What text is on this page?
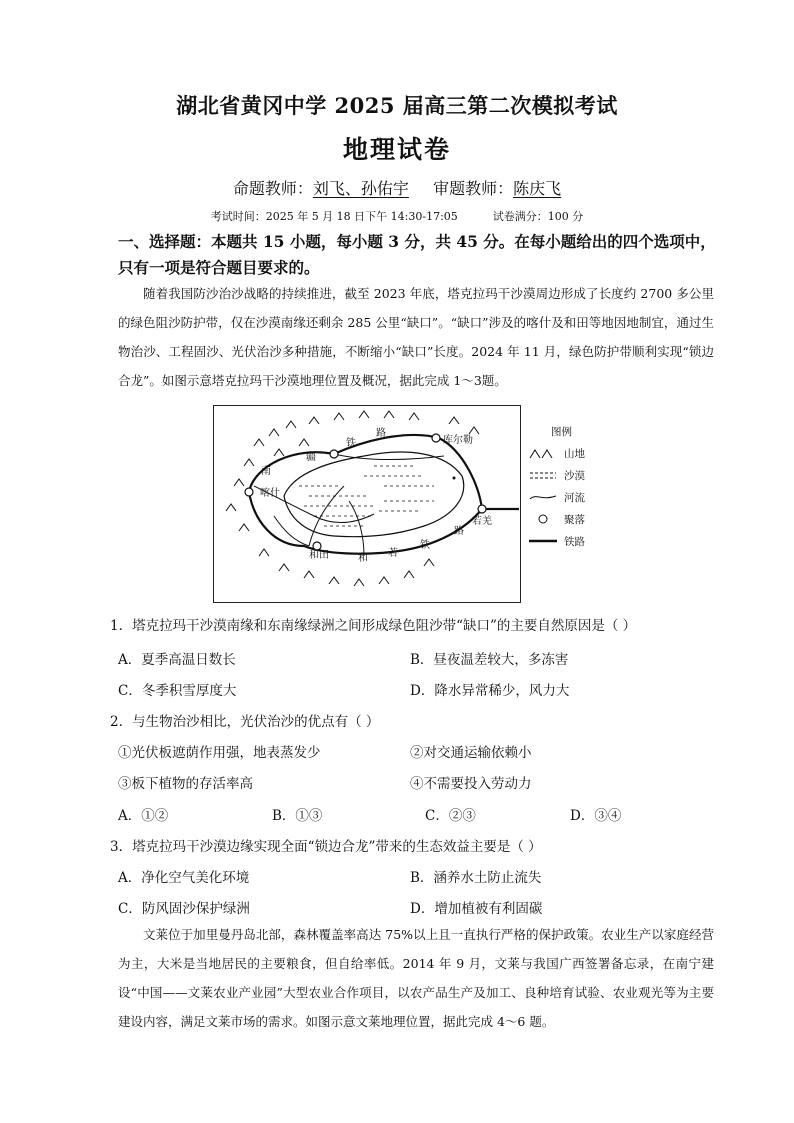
湖北省黄冈中学 2025 届高三第二次模拟考试
地理试卷
命题教师：刘飞、孙佑宇 审题教师：陈庆飞
考试时间：2025 年 5 月 18 日下午 14:30-17:05	试卷满分：100 分
一、选择题：本题共 15 小题，每小题 3 分，共 45 分。在每小题给出的四个选项中，只有一项是符合题目要求的。
随着我国防沙治沙战略的持续推进，截至 2023 年底，塔克拉玛干沙漠周边形成了长度约 2700 多公里的绿色阻沙防护带，仅在沙漠南缘还剩余 285 公里“缺口”。“缺口”涉及的喀什及和田等地因地制宜，通过生物治沙、工程固沙、光伏治沙多种措施，不断缩小“缺口”长度。2024 年 11 月，绿色防护带顺利实现“锁边合龙”。如图示意塔克拉玛干沙漠地理位置及概况，据此完成 1～3题。
铁
路
库尔勒
南
疆
喀什
和田	和 若
铁
路
若羌
图例
山地
沙漠
河流
聚落
铁路
1．塔克拉玛干沙漠南缘和东南缘绿洲之间形成绿色阻沙带“缺口”的主要自然原因是（ ）
A．夏季高温日数长	B．昼夜温差较大，多冻害
C．冬季积雪厚度大	D．降水异常稀少，风力大
2．与生物治沙相比，光伏治沙的优点有（ ）
①光伏板遮荫作用强，地表蒸发少	②对交通运输依赖小
③板下植物的存活率高	④不需要投入劳动力
A．①②	B．①③	C．②③	D．③④
3．塔克拉玛干沙漠边缘实现全面“锁边合龙”带来的生态效益主要是（ ）
A．净化空气美化环境	B．涵养水土防止流失
C．防风固沙保护绿洲	D．增加植被有利固碳
文莱位于加里曼丹岛北部，森林覆盖率高达 75%以上且一直执行严格的保护政策。农业生产以家庭经营为主，大米是当地居民的主要粮食，但自给率低。2014 年 9 月，文莱与我国广西签署备忘录，在南宁建设“中国——文莱农业产业园”大型农业合作项目，以农产品生产及加工、良种培育试验、农业观光等为主要建设内容，满足文莱市场的需求。如图示意文莱地理位置，据此完成 4～6 题。
